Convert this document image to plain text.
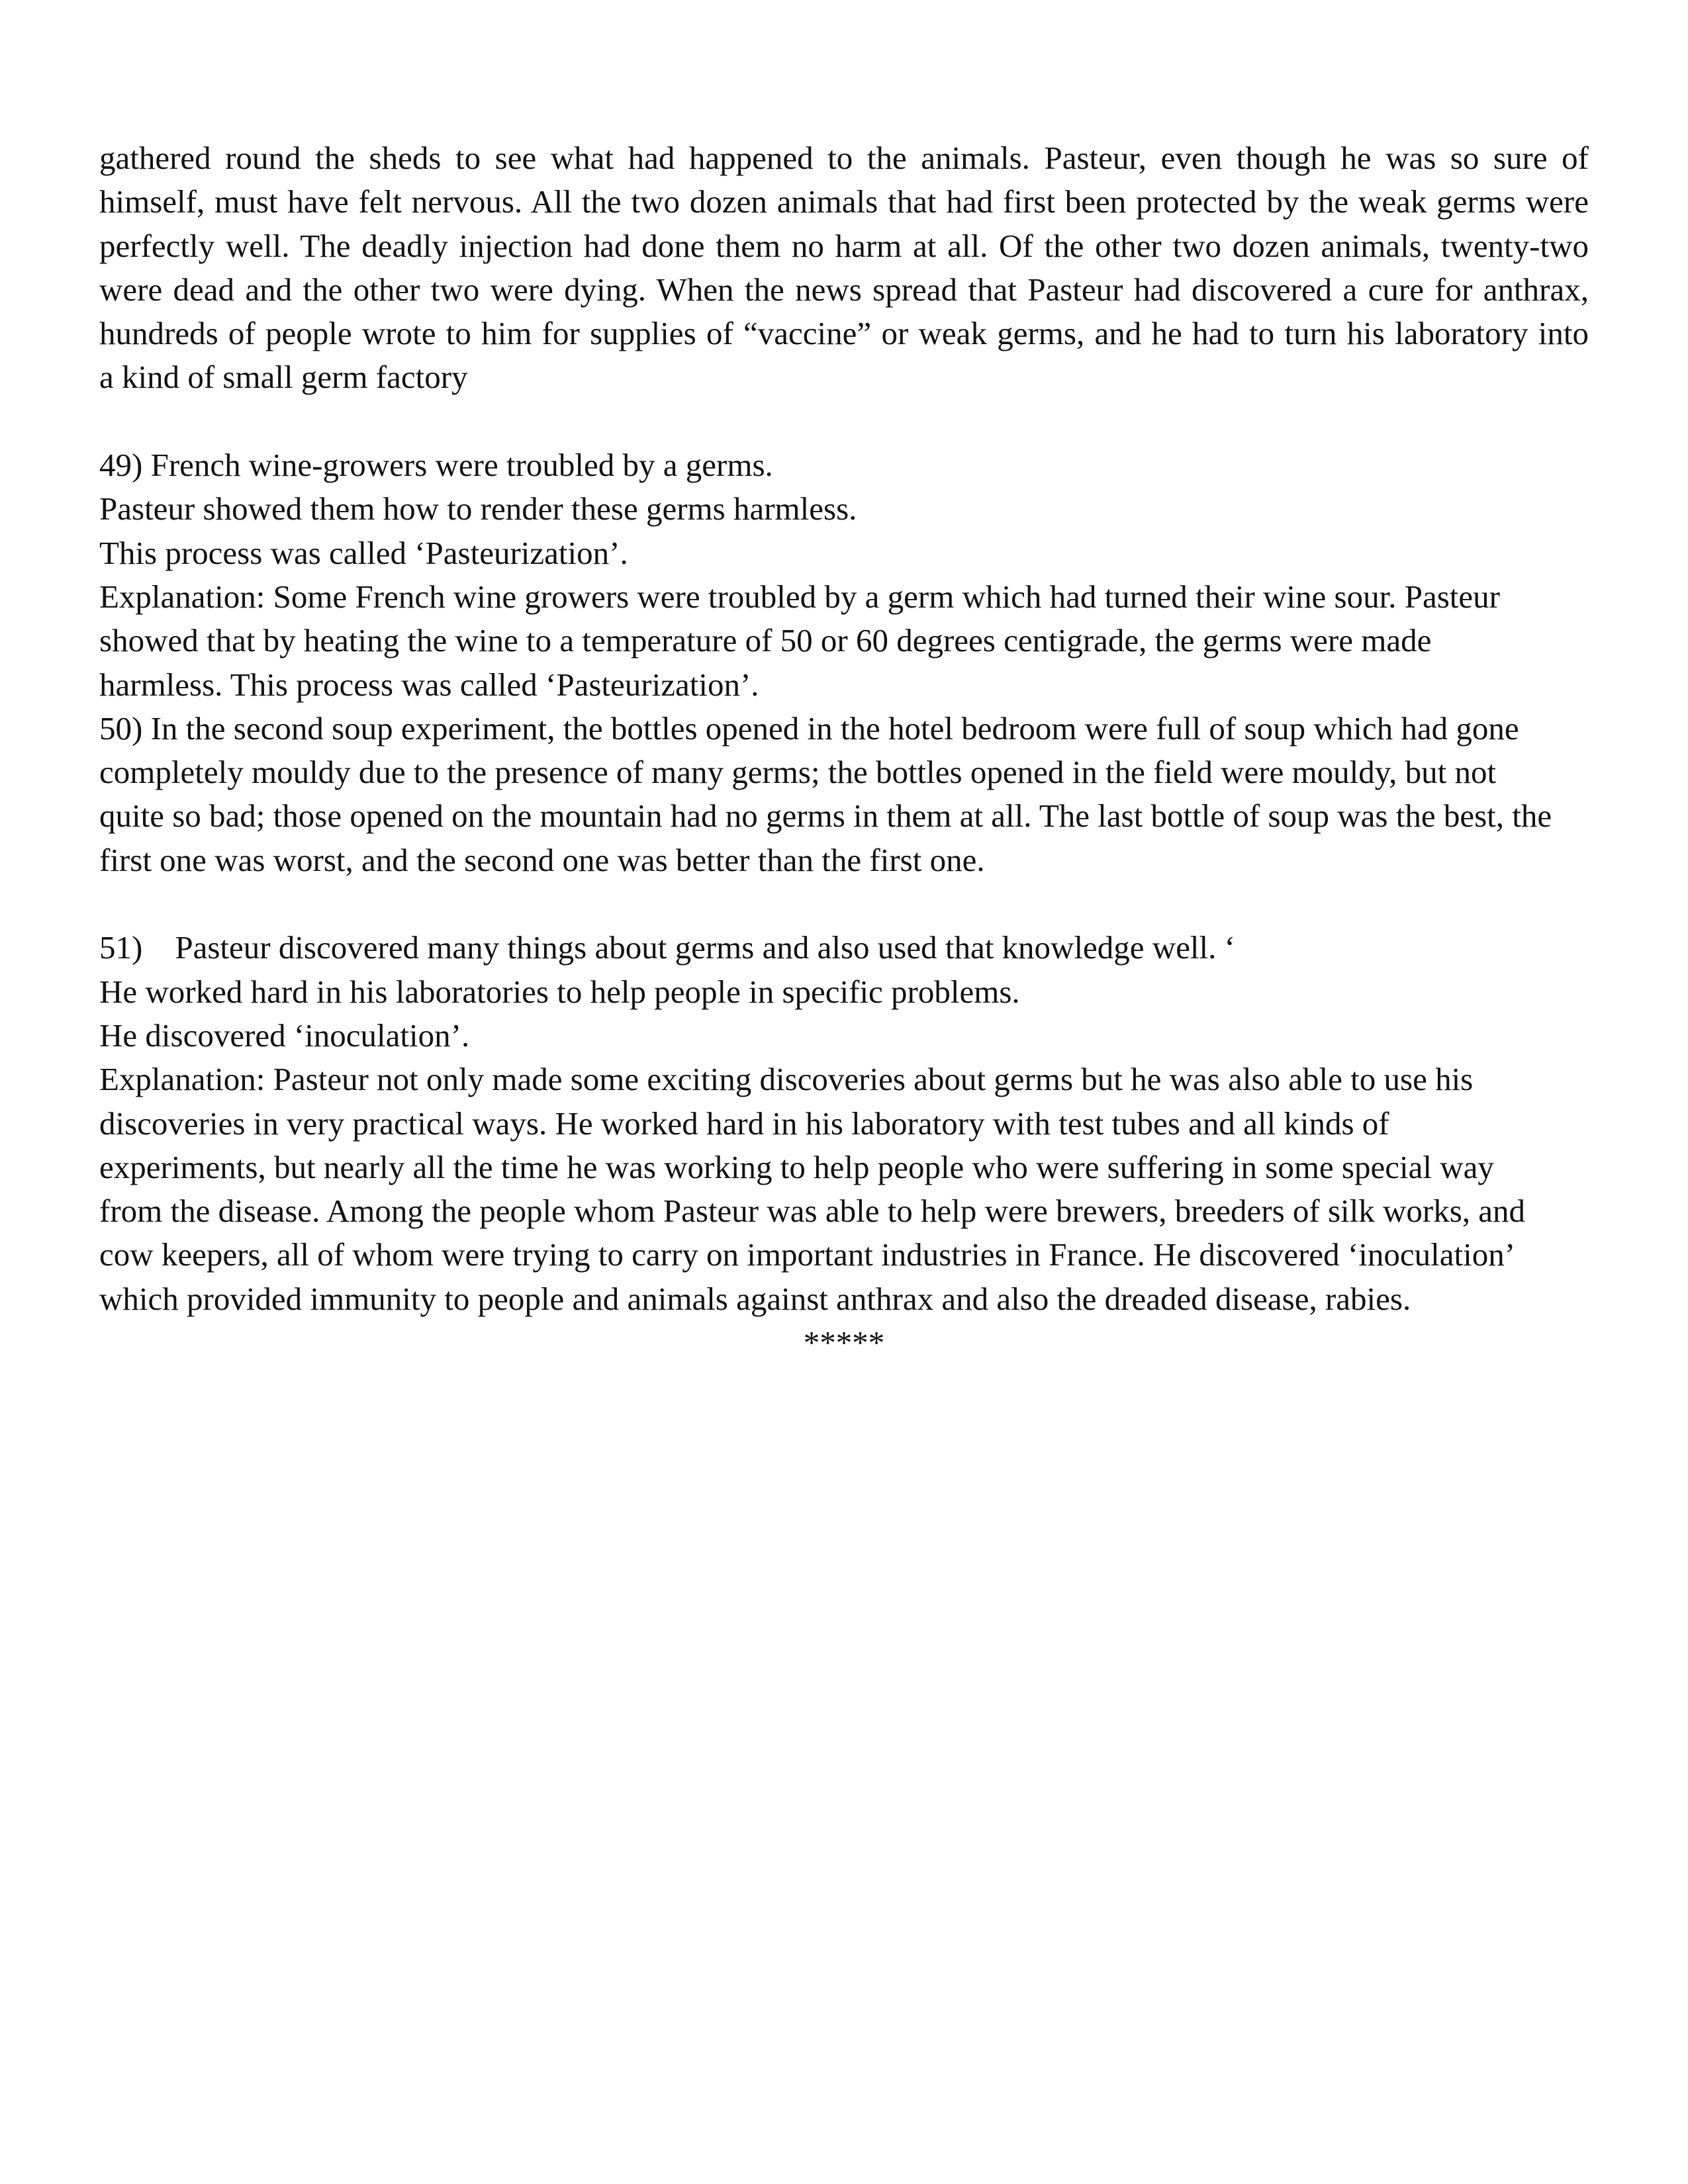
gathered round the sheds to see what had happened to the animals. Pasteur, even though he was so sure of
himself, must have felt nervous. All the two dozen animals that had first been protected by the weak germs were
perfectly well. The deadly injection had done them no harm at all. Of the other two dozen animals, twenty-two
were dead and the other two were dying. When the news spread that Pasteur had discovered a cure for anthrax,
hundreds of people wrote to him for supplies of “vaccine” or weak germs, and he had to turn his laboratory into
a kind of small germ factory
49) French wine-growers were troubled by a germs.
Pasteur showed them how to render these germs harmless.
This process was called ‘Pasteurization’.
Explanation: Some French wine growers were troubled by a germ which had turned their wine sour. Pasteur
showed that by heating the wine to a temperature of 50 or 60 degrees centigrade, the germs were made
harmless. This process was called ‘Pasteurization’.
50) In the second soup experiment, the bottles opened in the hotel bedroom were full of soup which had gone
completely mouldy due to the presence of many germs; the bottles opened in the field were mouldy, but not
quite so bad; those opened on the mountain had no germs in them at all. The last bottle of soup was the best, the
first one was worst, and the second one was better than the first one.
51)    Pasteur discovered many things about germs and also used that knowledge well. ‘
He worked hard in his laboratories to help people in specific problems.
He discovered ‘inoculation’.
Explanation: Pasteur not only made some exciting discoveries about germs but he was also able to use his
discoveries in very practical ways. He worked hard in his laboratory with test tubes and all kinds of
experiments, but nearly all the time he was working to help people who were suffering in some special way
from the disease. Among the people whom Pasteur was able to help were brewers, breeders of silk works, and
cow keepers, all of whom were trying to carry on important industries in France. He discovered ‘inoculation’
which provided immunity to people and animals against anthrax and also the dreaded disease, rabies.
*****
